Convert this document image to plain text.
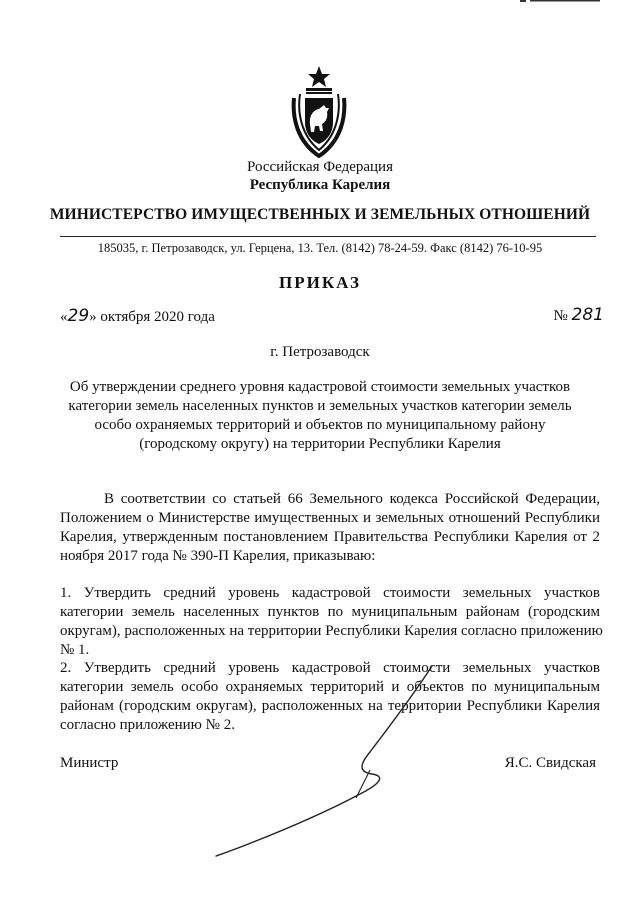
Российская Федерация
Республика Карелия
МИНИСТЕРСТВО ИМУЩЕСТВЕННЫХ И ЗЕМЕЛЬНЫХ ОТНОШЕНИЙ
185035, г. Петрозаводск, ул. Герцена, 13. Тел. (8142) 78-24-59. Факс (8142) 76-10-95
ПРИКАЗ
«29» октября 2020 года	№ 281
г. Петрозаводск
Об утверждении среднего уровня кадастровой стоимости земельных участков
категории земель населенных пунктов и земельных участков категории земель
особо охраняемых территорий и объектов по муниципальному району
(городскому округу) на территории Республики Карелия
В соответствии со статьей 66 Земельного кодекса Российской Федерации,
Положением о Министерстве имущественных и земельных отношений Республики
Карелия, утвержденным постановлением Правительства Республики Карелия от 2
ноября 2017 года № 390-П Карелия, приказываю:
1. Утвердить средний уровень кадастровой стоимости земельных участков
категории земель населенных пунктов по муниципальным районам (городским
округам), расположенных на территории Республики Карелия согласно приложению
№ 1.
2. Утвердить средний уровень кадастровой стоимости земельных участков
категории земель особо охраняемых территорий и объектов по муниципальным
районам (городским округам), расположенных на территории Республики Карелия
согласно приложению № 2.
Министр	Я.С. Свидская
